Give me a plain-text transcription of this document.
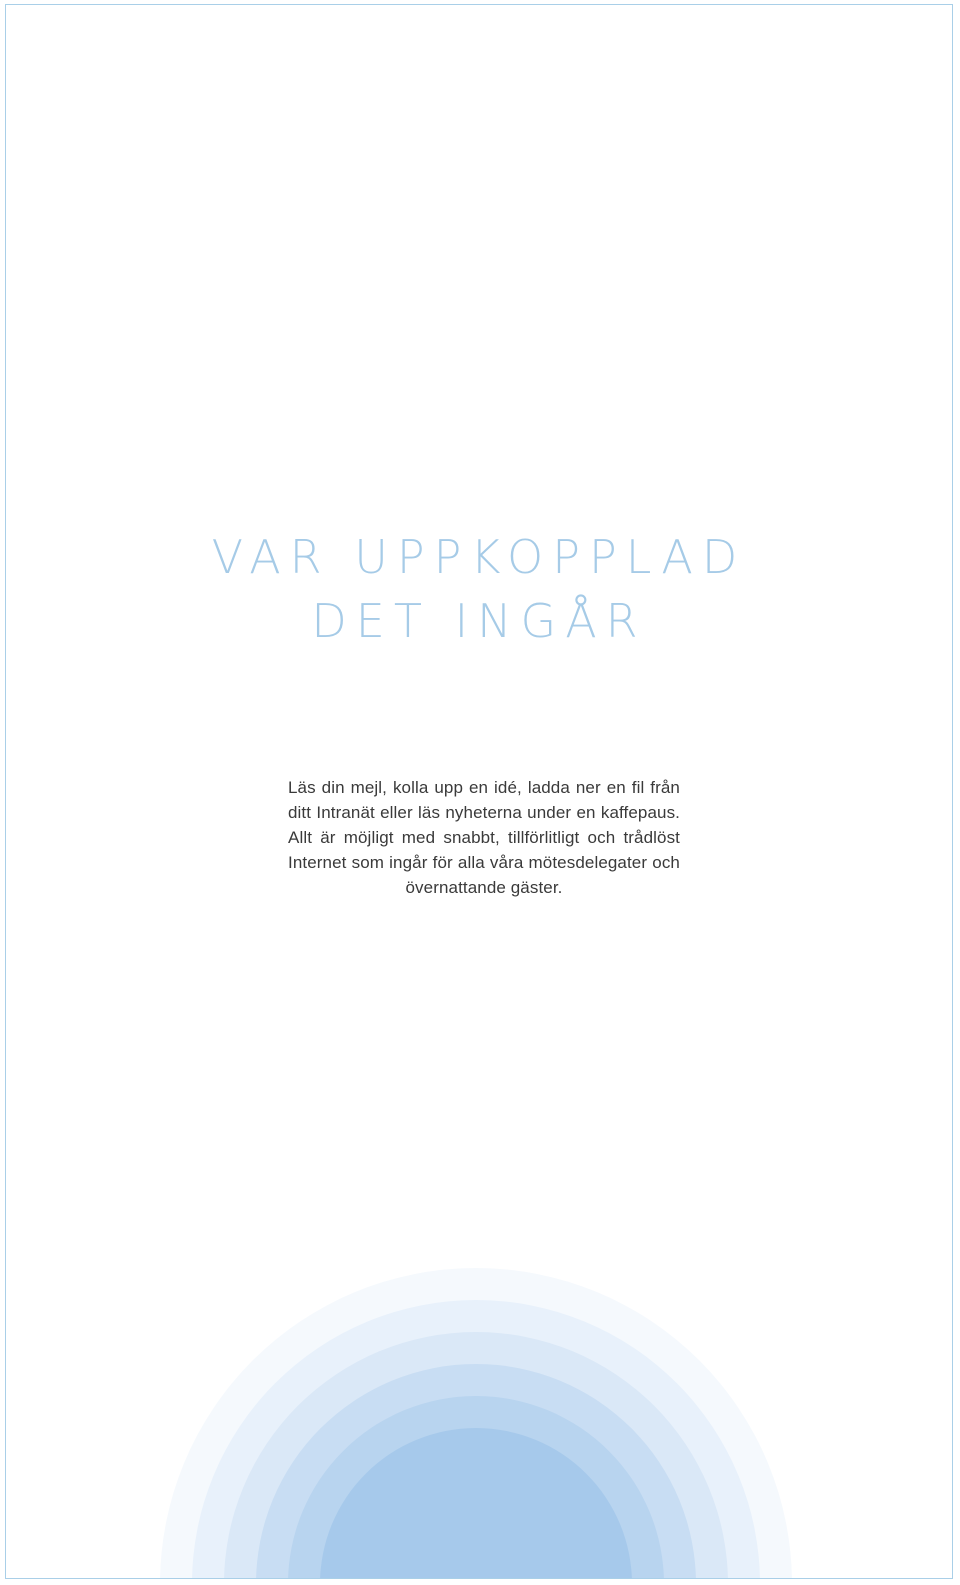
VAR UPPKOPPLAD
DET INGÅR

Läs din mejl, kolla upp en idé, ladda ner en fil från ditt Intranät eller läs nyheterna under en kaffepaus. Allt är möjligt med snabbt, tillförlitligt och trådlöst Internet som ingår för alla våra mötesdelegater och övernattande gäster.
